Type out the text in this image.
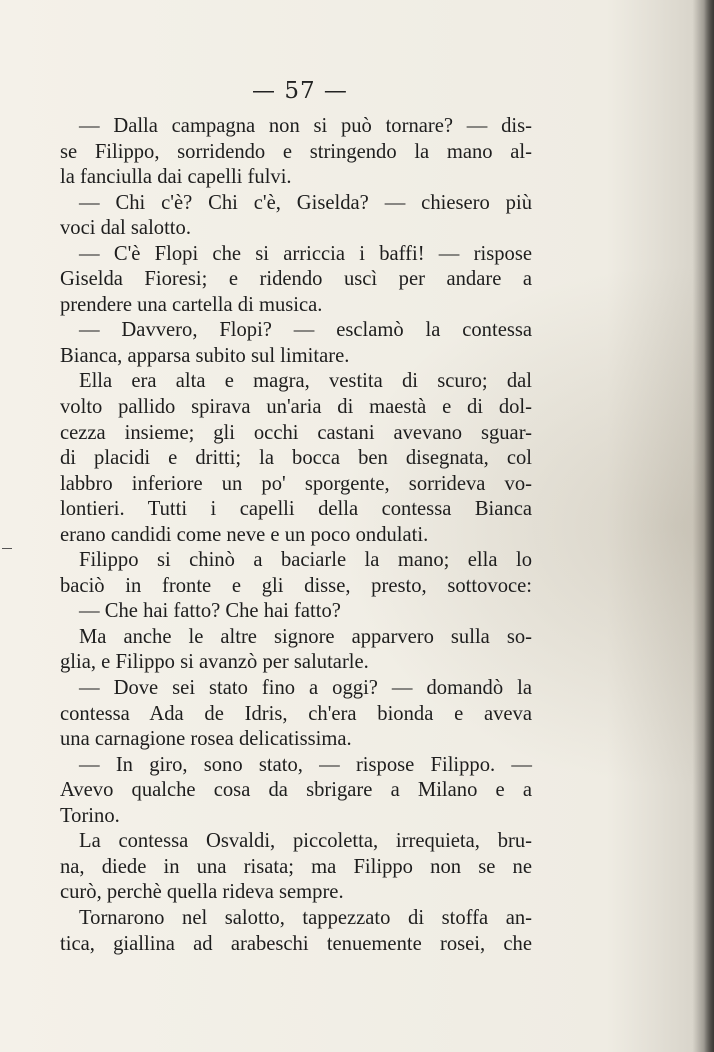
— 57 —
— Dalla campagna non si può tornare? — dis-
se Filippo, sorridendo e stringendo la mano al-
la fanciulla dai capelli fulvi.
— Chi c'è? Chi c'è, Giselda? — chiesero più
voci dal salotto.
— C'è Flopi che si arriccia i baffi! — rispose
Giselda Fioresi; e ridendo uscì per andare a
prendere una cartella di musica.
— Davvero, Flopi? — esclamò la contessa
Bianca, apparsa subito sul limitare.
Ella era alta e magra, vestita di scuro; dal
volto pallido spirava un'aria di maestà e di dol-
cezza insieme; gli occhi castani avevano sguar-
di placidi e dritti; la bocca ben disegnata, col
labbro inferiore un po' sporgente, sorrideva vo-
lontieri. Tutti i capelli della contessa Bianca
erano candidi come neve e un poco ondulati.
Filippo si chinò a baciarle la mano; ella lo
baciò in fronte e gli disse, presto, sottovoce:
— Che hai fatto? Che hai fatto?
Ma anche le altre signore apparvero sulla so-
glia, e Filippo si avanzò per salutarle.
— Dove sei stato fino a oggi? — domandò la
contessa Ada de Idris, ch'era bionda e aveva
una carnagione rosea delicatissima.
— In giro, sono stato, — rispose Filippo. —
Avevo qualche cosa da sbrigare a Milano e a
Torino.
La contessa Osvaldi, piccoletta, irrequieta, bru-
na, diede in una risata; ma Filippo non se ne
curò, perchè quella rideva sempre.
Tornarono nel salotto, tappezzato di stoffa an-
tica, giallina ad arabeschi tenuemente rosei, che
